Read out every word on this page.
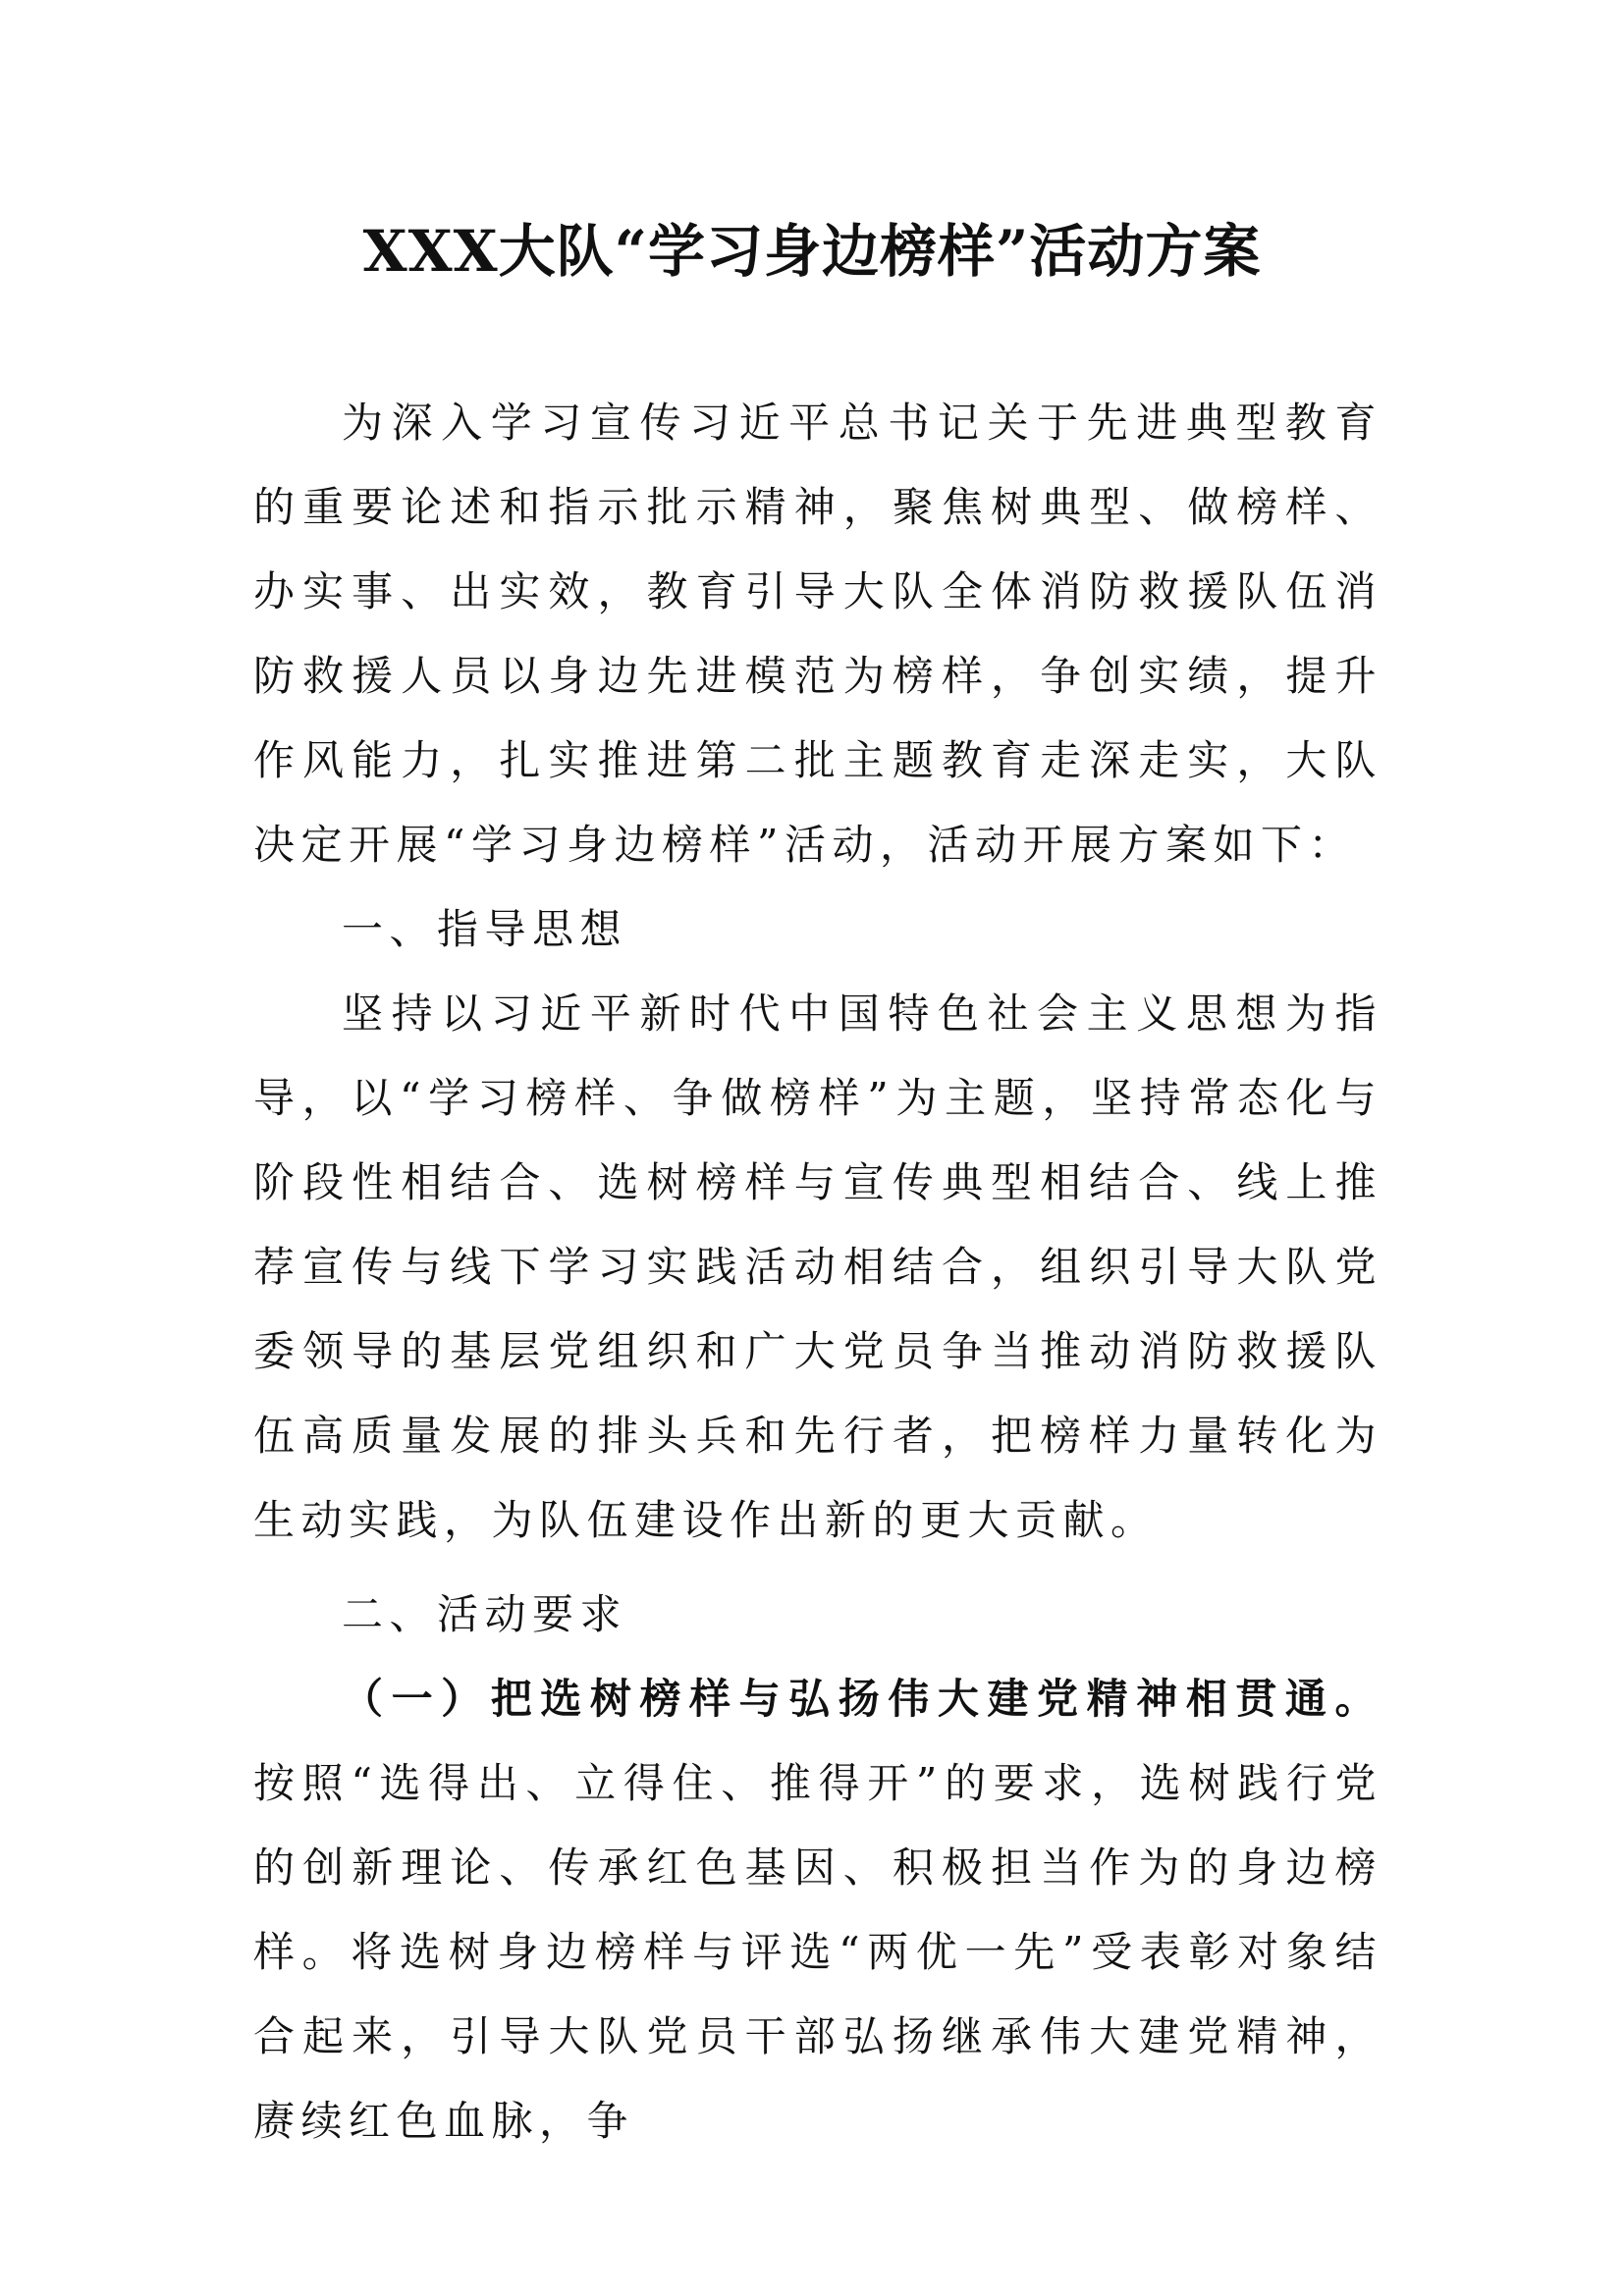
XXX大队“学习身边榜样”活动方案

为深入学习宣传习近平总书记关于先进典型教育的重要论述和指示批示精神，聚焦树典型、做榜样、办实事、出实效，教育引导大队全体消防救援队伍消防救援人员以身边先进模范为榜样，争创实绩，提升作风能力，扎实推进第二批主题教育走深走实，大队决定开展“学习身边榜样”活动，活动开展方案如下：

一、指导思想

坚持以习近平新时代中国特色社会主义思想为指导，以“学习榜样、争做榜样”为主题，坚持常态化与阶段性相结合、选树榜样与宣传典型相结合、线上推荐宣传与线下学习实践活动相结合，组织引导大队党委领导的基层党组织和广大党员争当推动消防救援队伍高质量发展的排头兵和先行者，把榜样力量转化为生动实践，为队伍建设作出新的更大贡献。

二、活动要求

（一）把选树榜样与弘扬伟大建党精神相贯通。按照“选得出、立得住、推得开”的要求，选树践行党的创新理论、传承红色基因、积极担当作为的身边榜样。将选树身边榜样与评选“两优一先”受表彰对象结合起来，引导大队党员干部弘扬继承伟大建党精神，赓续红色血脉，争
